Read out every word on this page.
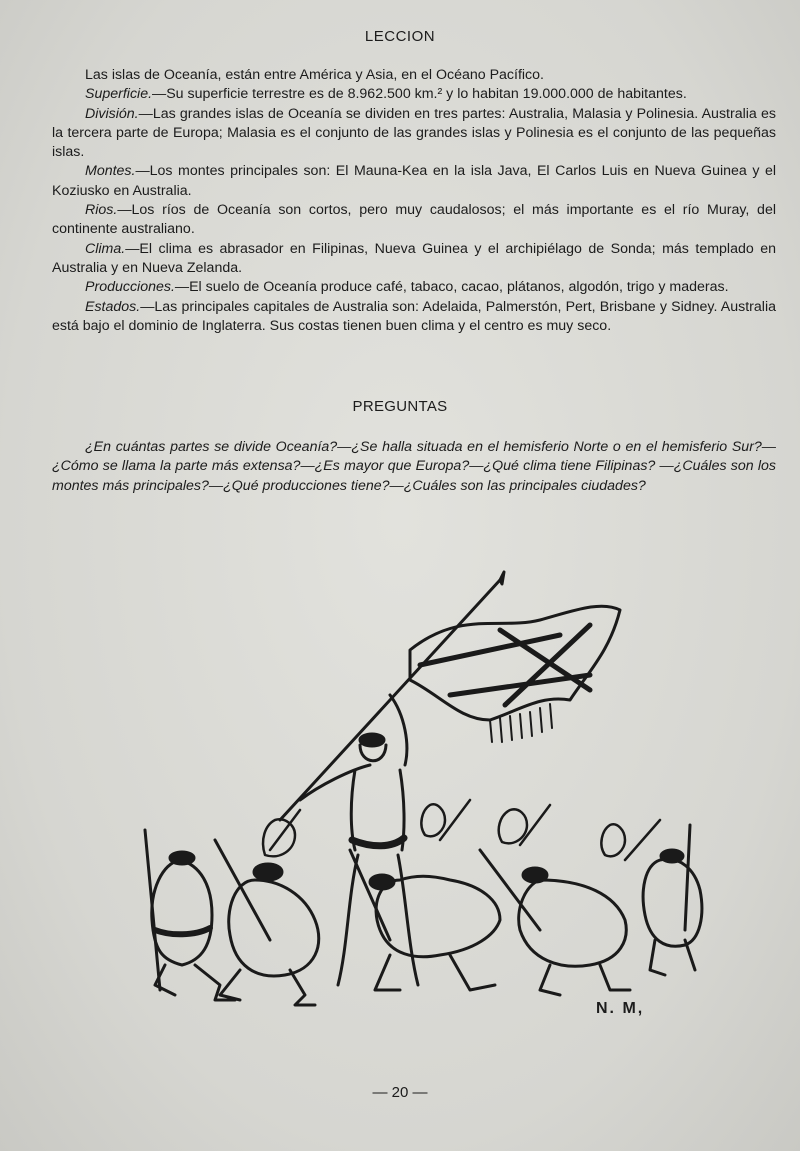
LECCION

Las islas de Oceanía, están entre América y Asia, en el Océano Pacífico.

Superficie.—Su superficie terrestre es de 8.962.500 km.² y lo habitan 19.000.000 de habitantes.

División.—Las grandes islas de Oceanía se dividen en tres partes: Australia, Malasia y Polinesia. Australia es la tercera parte de Europa; Malasia es el conjunto de las grandes islas y Polinesia es el conjunto de las pequeñas islas.

Montes.—Los montes principales son: El Mauna-Kea en la isla Java, El Carlos Luis en Nueva Guinea y el Koziusko en Australia.

Rios.—Los ríos de Oceanía son cortos, pero muy caudalosos; el más importante es el río Muray, del continente australiano.

Clima.—El clima es abrasador en Filipinas, Nueva Guinea y el archipiélago de Sonda; más templado en Australia y en Nueva Zelanda.

Producciones.—El suelo de Oceanía produce café, tabaco, cacao, plátanos, algodón, trigo y maderas.

Estados.—Las principales capitales de Australia son: Adelaida, Palmerstón, Pert, Brisbane y Sidney. Australia está bajo el dominio de Inglaterra. Sus costas tienen buen clima y el centro es muy seco.

PREGUNTAS

¿En cuántas partes se divide Oceanía?—¿Se halla situada en el hemisferio Norte o en el hemisferio Sur?—¿Cómo se llama la parte más extensa?—¿Es mayor que Europa?—¿Qué clima tiene Filipinas? —¿Cuáles son los montes más principales?—¿Qué producciones tiene?—¿Cuáles son las principales ciudades?

N. M,
— 20 —
